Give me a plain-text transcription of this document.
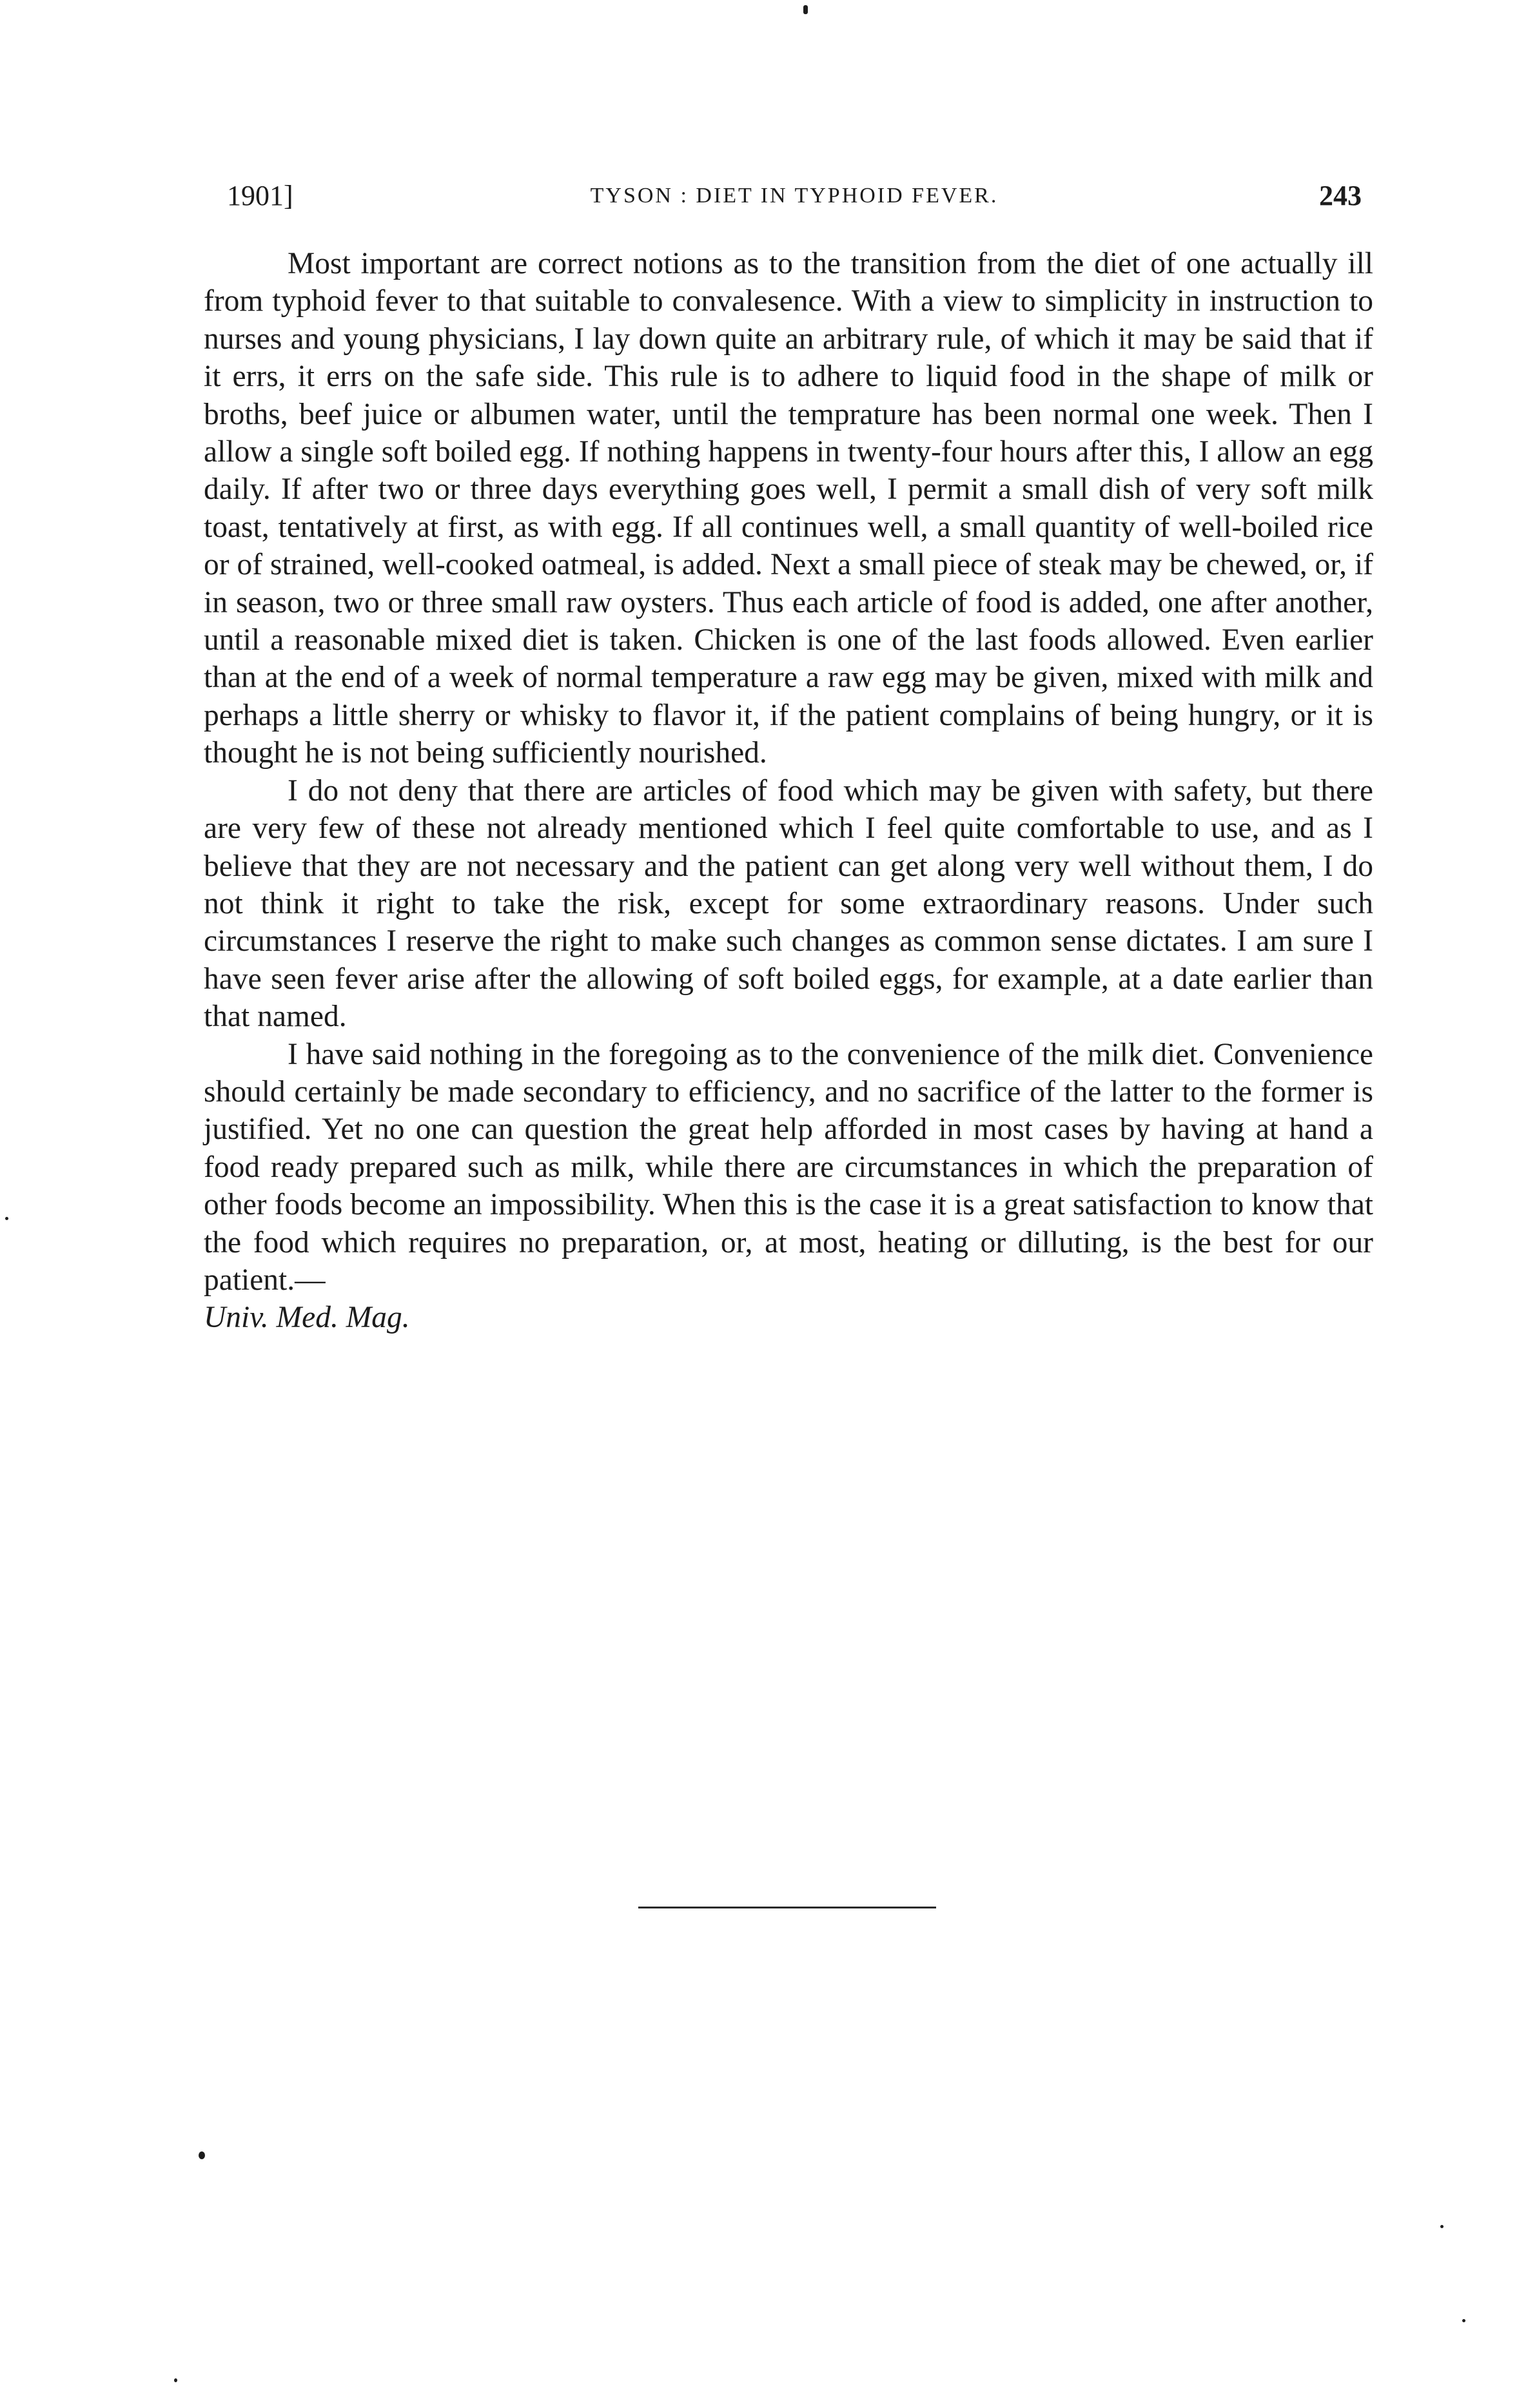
1901]	TYSON : DIET IN TYPHOID FEVER.	243

Most important are correct notions as to the transition from the diet of one actually ill from typhoid fever to that suitable to convalesence. With a view to simplicity in instruction to nurses and young physicians, I lay down quite an arbitrary rule, of which it may be said that if it errs, it errs on the safe side. This rule is to adhere to liquid food in the shape of milk or broths, beef juice or albumen water, until the temprature has been normal one week. Then I allow a single soft boiled egg. If nothing happens in twenty-four hours after this, I allow an egg daily. If after two or three days everything goes well, I permit a small dish of very soft milk toast, tentatively at first, as with egg. If all continues well, a small quantity of well-boiled rice or of strained, well-cooked oatmeal, is added. Next a small piece of steak may be chewed, or, if in season, two or three small raw oysters. Thus each article of food is added, one after another, until a reasonable mixed diet is taken. Chicken is one of the last foods allowed. Even earlier than at the end of a week of normal temperature a raw egg may be given, mixed with milk and perhaps a little sherry or whisky to flavor it, if the patient complains of being hungry, or it is thought he is not being sufficiently nourished.

I do not deny that there are articles of food which may be given with safety, but there are very few of these not already mentioned which I feel quite comfortable to use, and as I believe that they are not necessary and the patient can get along very well without them, I do not think it right to take the risk, except for some extraordinary reasons. Under such circumstances I reserve the right to make such changes as common sense dictates. I am sure I have seen fever arise after the allowing of soft boiled eggs, for example, at a date earlier than that named.

I have said nothing in the foregoing as to the convenience of the milk diet. Convenience should certainly be made secondary to efficiency, and no sacrifice of the latter to the former is justified. Yet no one can question the great help afforded in most cases by having at hand a food ready prepared such as milk, while there are circumstances in which the preparation of other foods become an impossibility. When this is the case it is a great satisfaction to know that the food which requires no preparation, or, at most, heating or dilluting, is the best for our patient.—
Univ. Med. Mag.
